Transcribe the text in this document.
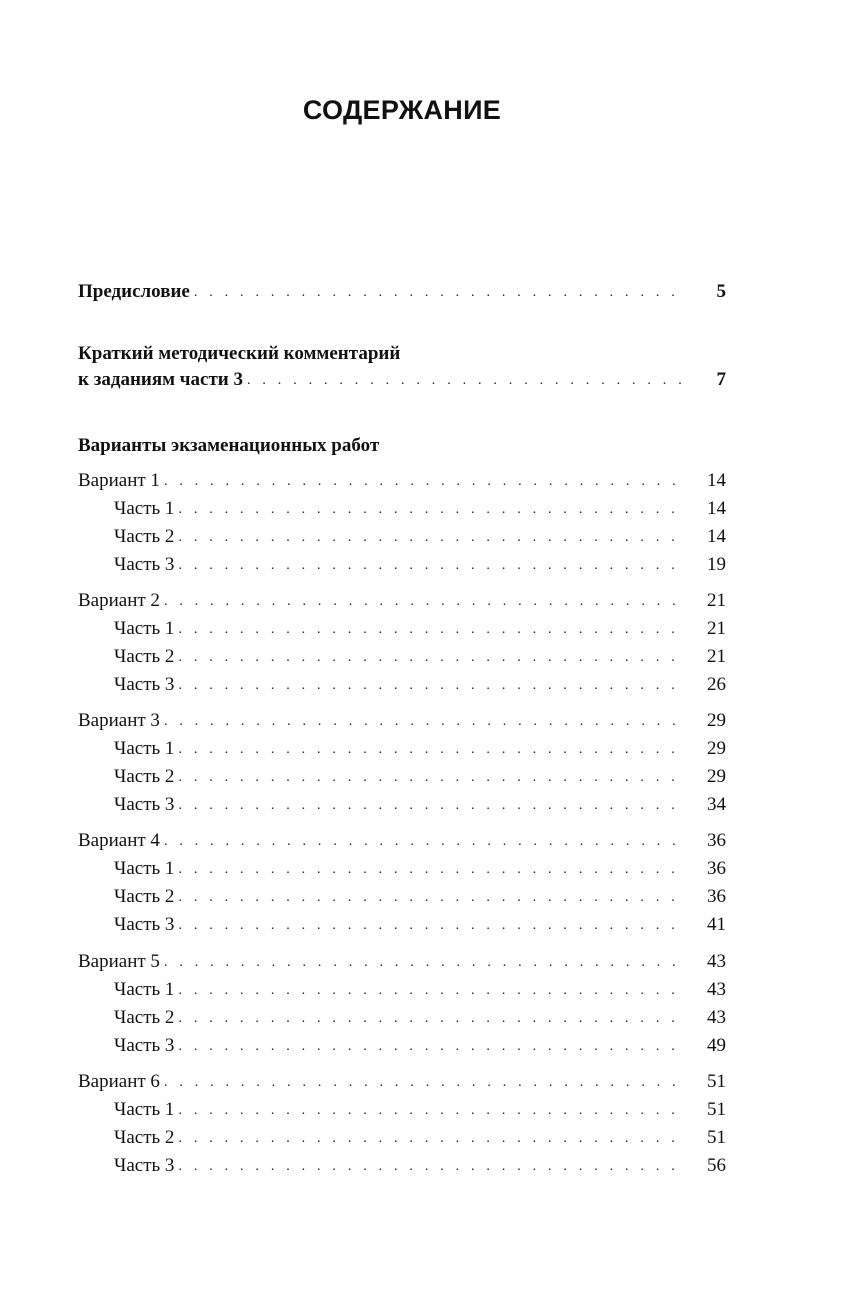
СОДЕРЖАНИЕ
Предисловие . . .	5
Краткий методический комментарий
к заданиям части 3 . . .	7
Варианты экзаменационных работ
Вариант 1 . . .	14
Часть 1 . . .	14
Часть 2 . . .	14
Часть 3 . . .	19
Вариант 2 . . .	21
Часть 1 . . .	21
Часть 2 . . .	21
Часть 3 . . .	26
Вариант 3 . . .	29
Часть 1 . . .	29
Часть 2 . . .	29
Часть 3 . . .	34
Вариант 4 . . .	36
Часть 1 . . .	36
Часть 2 . . .	36
Часть 3 . . .	41
Вариант 5 . . .	43
Часть 1 . . .	43
Часть 2 . . .	43
Часть 3 . . .	49
Вариант 6 . . .	51
Часть 1 . . .	51
Часть 2 . . .	51
Часть 3 . . .	56
